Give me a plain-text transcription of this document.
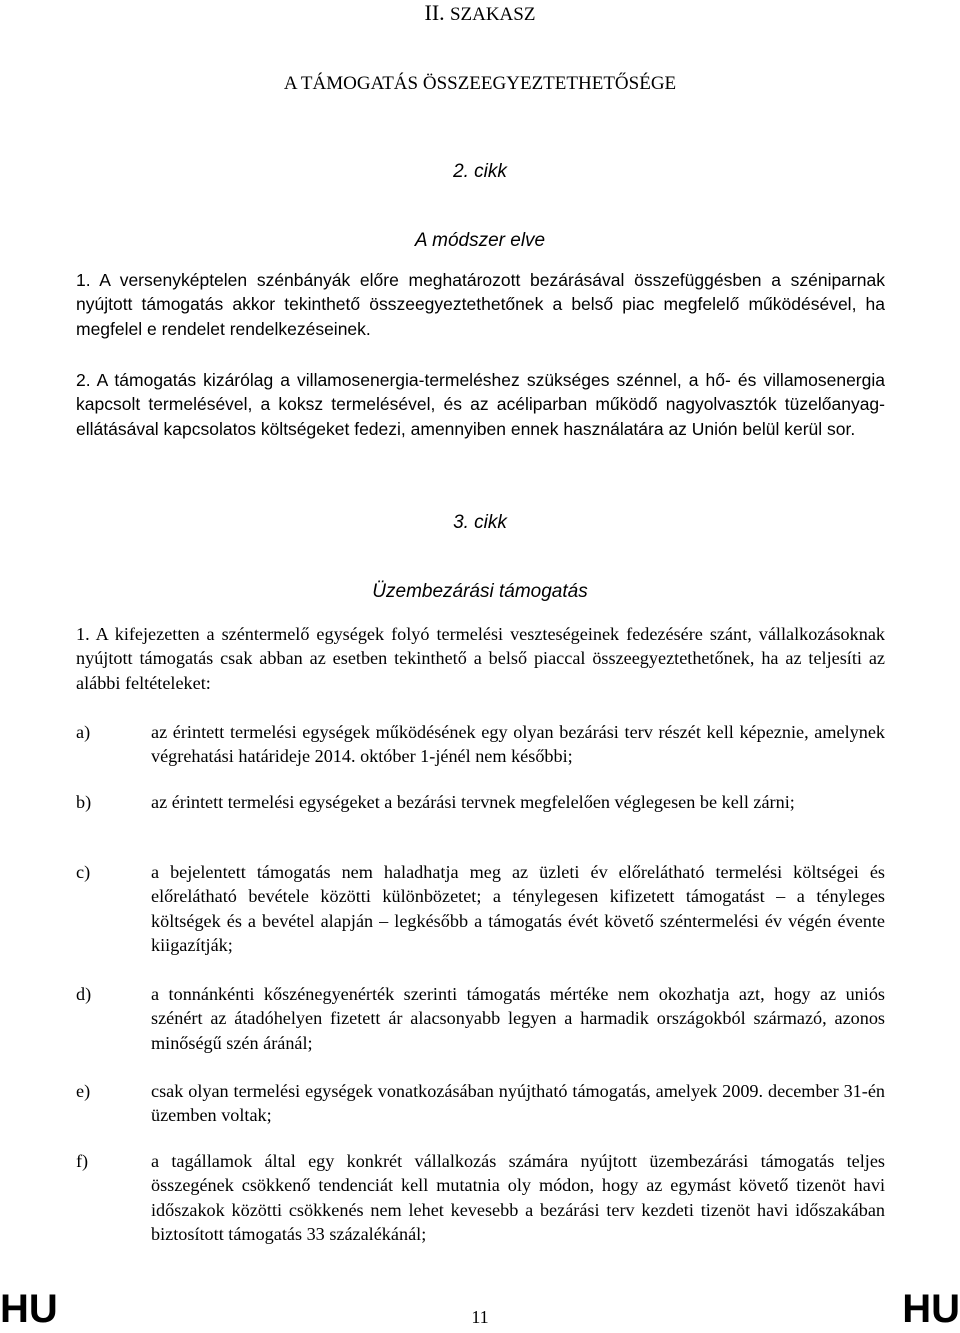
II. SZAKASZ
A TÁMOGATÁS ÖSSZEEGYEZTETHETŐSÉGE
2. cikk
A módszer elve

1. A versenyképtelen szénbányák előre meghatározott bezárásával összefüggésben a széniparnak nyújtott támogatás akkor tekinthető összeegyeztethetőnek a belső piac megfelelő működésével, ha megfelel e rendelet rendelkezéseinek.

2. A támogatás kizárólag a villamosenergia-termeléshez szükséges szénnel, a hő- és villamosenergia kapcsolt termelésével, a koksz termelésével, és az acéliparban működő nagyolvasztók tüzelőanyag-ellátásával kapcsolatos költségeket fedezi, amennyiben ennek használatára az Unión belül kerül sor.

3. cikk
Üzembezárási támogatás

1. A kifejezetten a széntermelő egységek folyó termelési veszteségeinek fedezésére szánt, vállalkozásoknak nyújtott támogatás csak abban az esetben tekinthető a belső piaccal összeegyeztethetőnek, ha az teljesíti az alábbi feltételeket:

a)	az érintett termelési egységek működésének egy olyan bezárási terv részét kell képeznie, amelynek végrehatási határideje 2014. október 1-jénél nem későbbi;
b)	az érintett termelési egységeket a bezárási tervnek megfelelően véglegesen be kell zárni;
c)	a bejelentett támogatás nem haladhatja meg az üzleti év előrelátható termelési költségei és előrelátható bevétele közötti különbözetet; a ténylegesen kifizetett támogatást – a tényleges költségek és a bevétel alapján – legkésőbb a támogatás évét követő széntermelési év végén évente kiigazítják;
d)	a tonnánkénti kőszénegyenérték szerinti támogatás mértéke nem okozhatja azt, hogy az uniós szénért az átadóhelyen fizetett ár alacsonyabb legyen a harmadik országokból származó, azonos minőségű szén áránál;
e)	csak olyan termelési egységek vonatkozásában nyújtható támogatás, amelyek 2009. december 31-én üzemben voltak;
f)	a tagállamok által egy konkrét vállalkozás számára nyújtott üzembezárási támogatás teljes összegének csökkenő tendenciát kell mutatnia oly módon, hogy az egymást követő tizenöt havi időszakok közötti csökkenés nem lehet kevesebb a bezárási terv kezdeti tizenöt havi időszakában biztosított támogatás 33 százalékánál;
HU	11	HU
